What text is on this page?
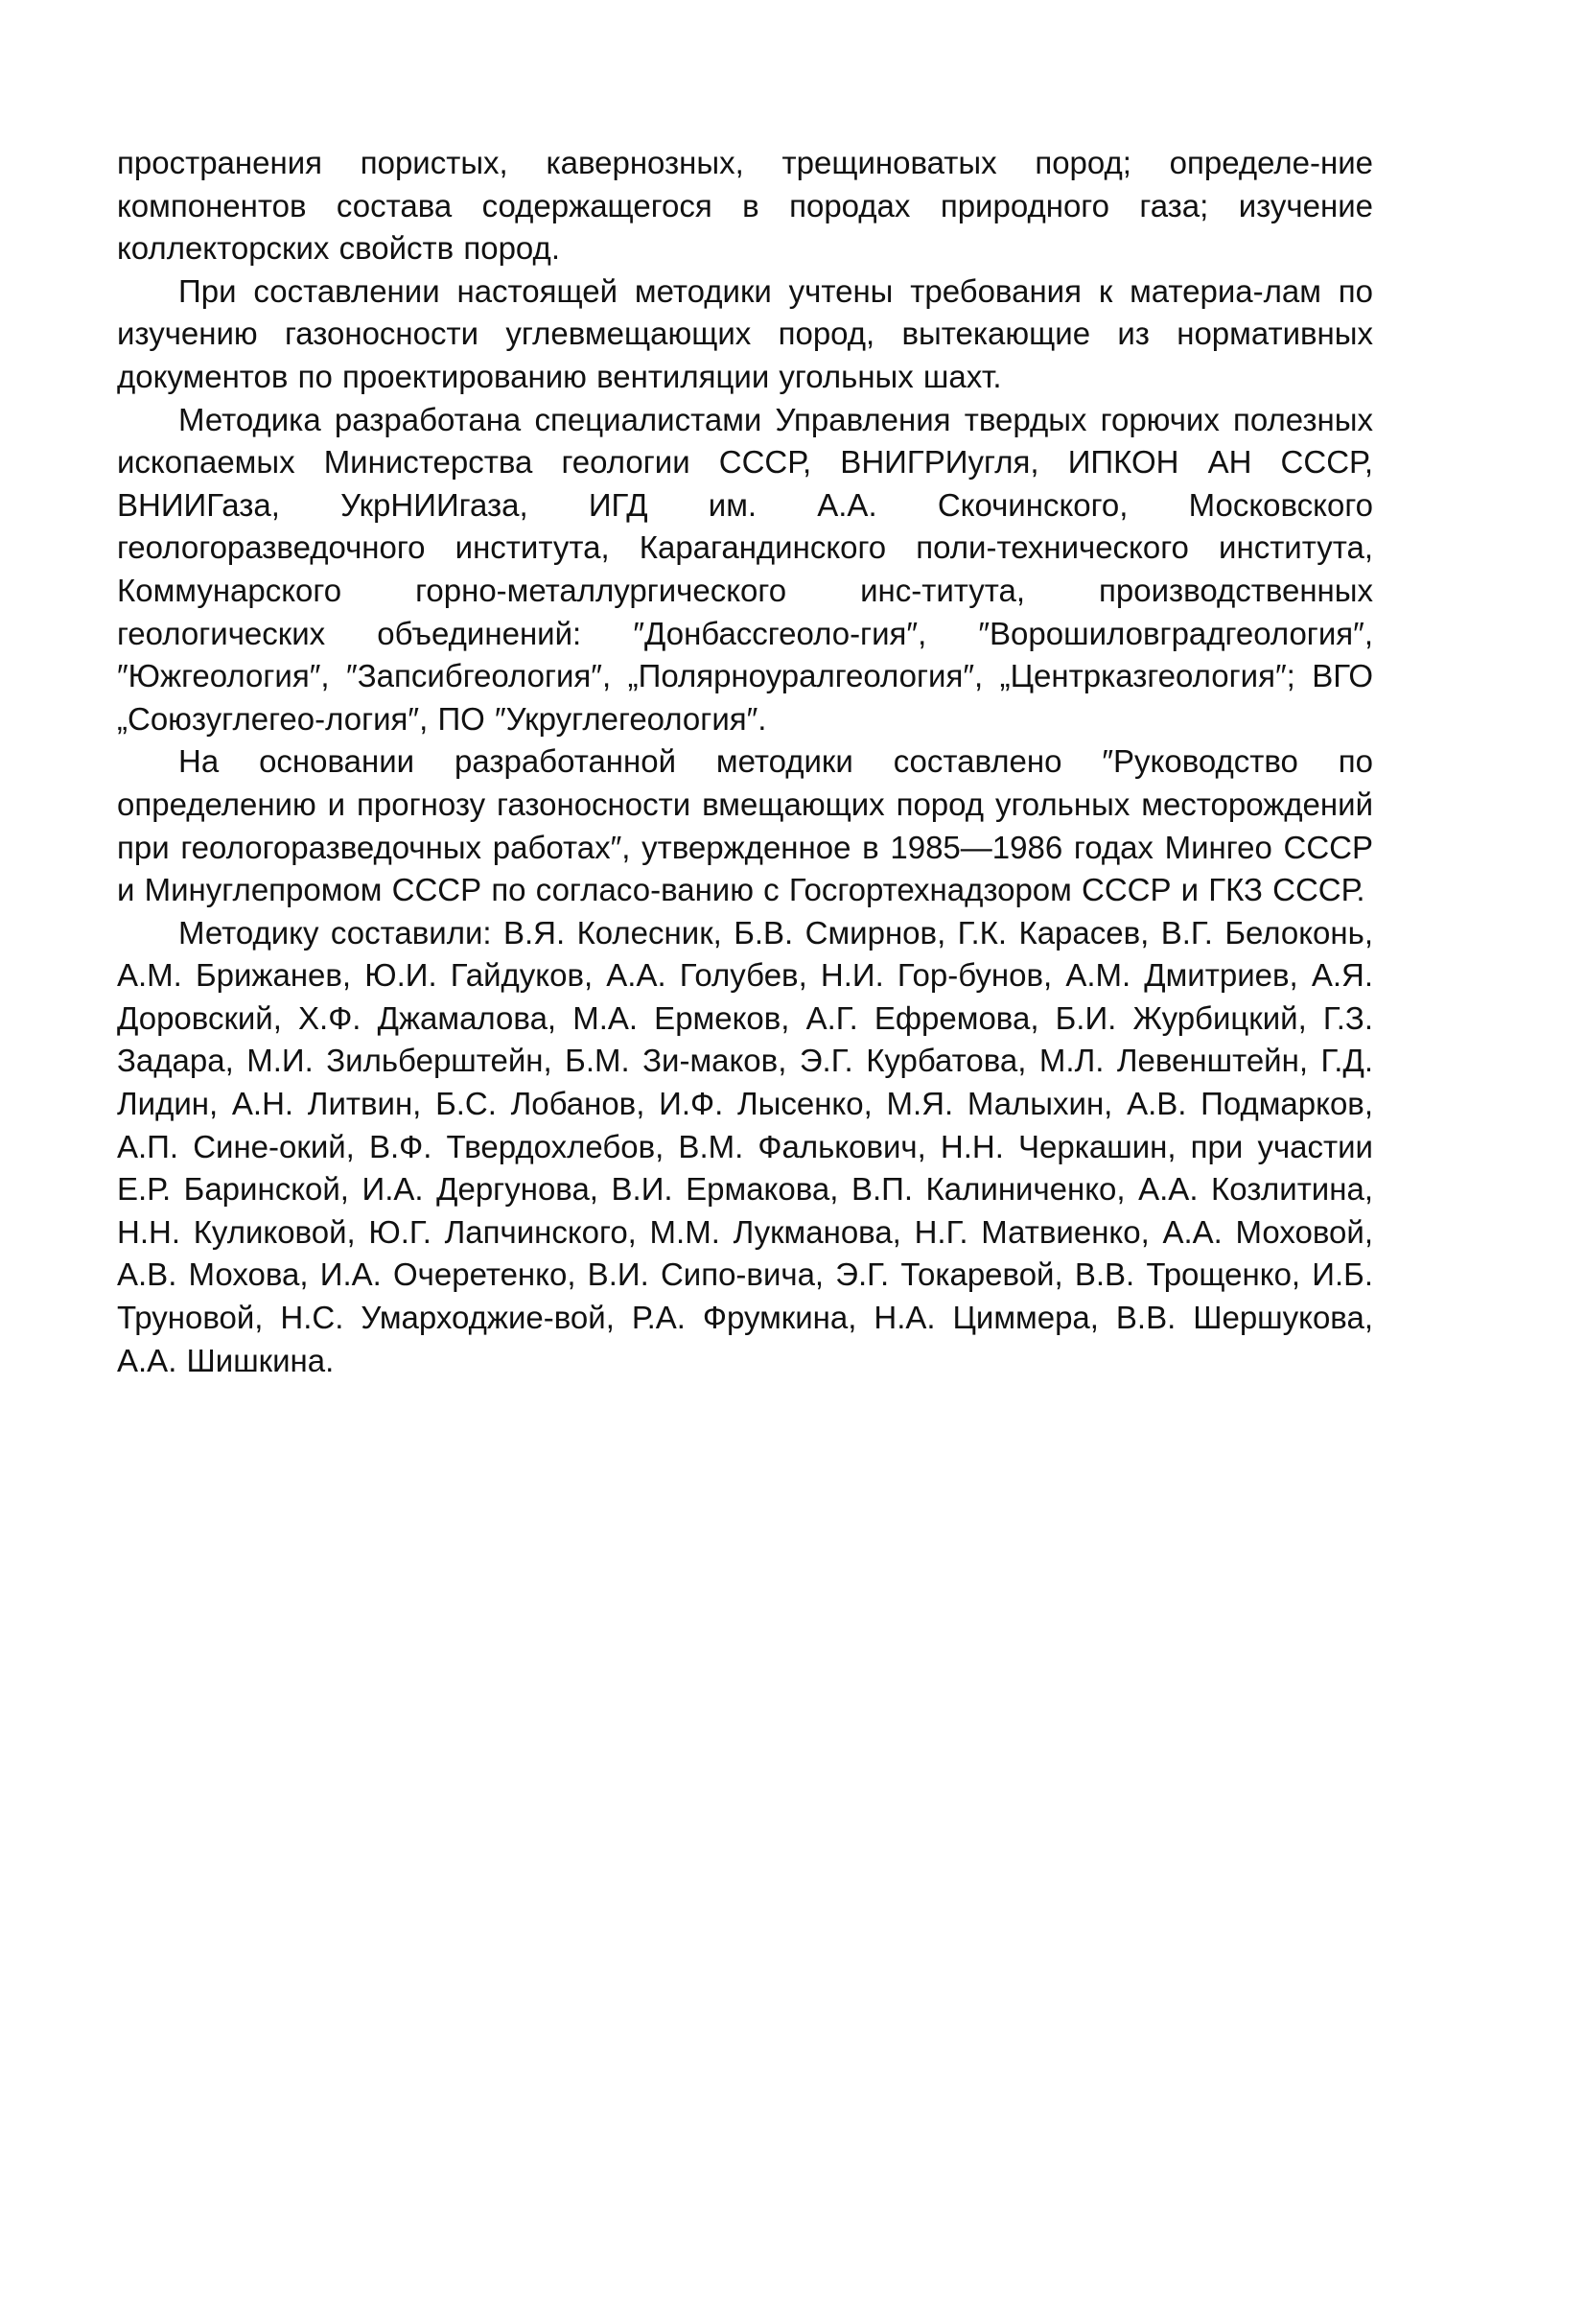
пространения пористых, кавернозных, трещиноватых пород; определе-ние компонентов состава содержащегося в породах природного газа; изучение коллекторских свойств пород.

При составлении настоящей методики учтены требования к материа-лам по изучению газоносности углевмещающих пород, вытекающие из нормативных документов по проектированию вентиляции угольных шахт.

Методика разработана специалистами Управления твердых горючих полезных ископаемых Министерства геологии СССР, ВНИГРИугля, ИПКОН АН СССР, ВНИИГаза, УкрНИИгаза, ИГД им. А.А. Скочинского, Московского геологоразведочного института, Карагандинского поли-технического института, Коммунарского горно-металлургического инс-титута, производственных геологических объединений: ″Донбассгеоло-гия″, ″Ворошиловградгеология″, ″Южгеология″, ″Запсибгеология″, „Полярноуралгеология″, „Центрказгеология″; ВГО „Союзуглегео-логия″, ПО ″Укруглегеология″.

На основании разработанной методики составлено ″Руководство по определению и прогнозу газоносности вмещающих пород угольных месторождений при геологоразведочных работах″, утвержденное в 1985—1986 годах Мингео СССР и Минуглепромом СССР по согласо-ванию с Госгортехнадзором СССР и ГКЗ СССР.

Методику составили: В.Я. Колесник, Б.В. Смирнов, Г.К. Карасев, В.Г. Белоконь, А.М. Брижанев, Ю.И. Гайдуков, А.А. Голубев, Н.И. Гор-бунов, А.М. Дмитриев, А.Я. Доровский, Х.Ф. Джамалова, М.А. Ермеков, А.Г. Ефремова, Б.И. Журбицкий, Г.З. Задара, М.И. Зильберштейн, Б.М. Зи-маков, Э.Г. Курбатова, М.Л. Левенштейн, Г.Д. Лидин, А.Н. Литвин, Б.С. Лобанов, И.Ф. Лысенко, М.Я. Малыхин, А.В. Подмарков, А.П. Сине-окий, В.Ф. Твердохлебов, В.М. Фалькович, Н.Н. Черкашин, при участии Е.Р. Баринской, И.А. Дергунова, В.И. Ермакова, В.П. Калиниченко, А.А. Козлитина, Н.Н. Куликовой, Ю.Г. Лапчинского, М.М. Лукманова, Н.Г. Матвиенко, А.А. Моховой, А.В. Мохова, И.А. Очеретенко, В.И. Сипо-вича, Э.Г. Токаревой, В.В. Трощенко, И.Б. Труновой, Н.С. Умарходжие-вой, Р.А. Фрумкина, Н.А. Циммера, В.В. Шершукова, А.А. Шишкина.
